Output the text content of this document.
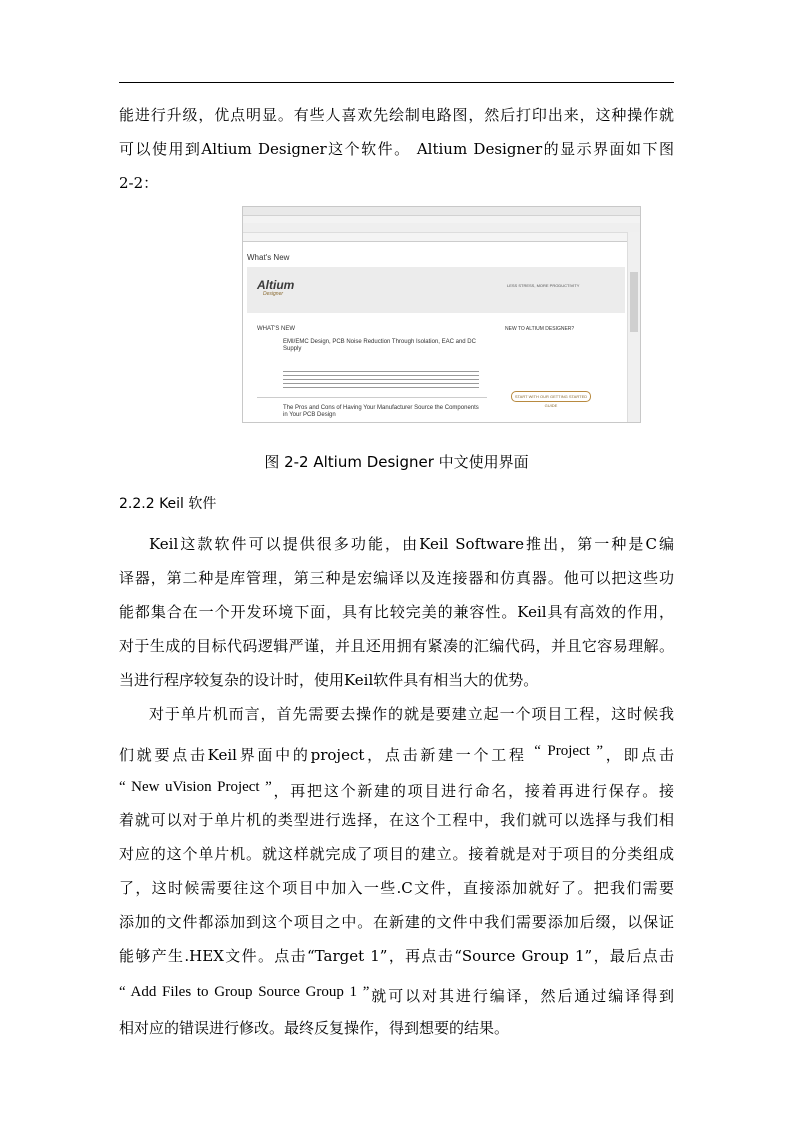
能进行升级，优点明显。有些人喜欢先绘制电路图，然后打印出来，这种操作就
可以使用到Altium Designer这个软件。 Altium Designer的显示界面如下图
2-2：
What's New
Altium
Designer
LESS STRESS, MORE PRODUCTIVITY
WHAT'S NEW
EMI/EMC Design, PCB Noise Reduction Through Isolation, EAC and DC Supply
The Pros and Cons of Having Your Manufacturer Source the Components in Your PCB Design
NEW TO ALTIUM DESIGNER?
START WITH OUR GETTING STARTED GUIDE
图 2-2 Altium Designer 中文使用界面
2.2.2 Keil 软件
Keil这款软件可以提供很多功能，由Keil Software推出，第一种是C编
译器，第二种是库管理，第三种是宏编译以及连接器和仿真器。他可以把这些功
能都集合在一个开发环境下面，具有比较完美的兼容性。Keil具有高效的作用，
对于生成的目标代码逻辑严谨，并且还用拥有紧凑的汇编代码，并且它容易理解。
当进行程序较复杂的设计时，使用Keil软件具有相当大的优势。
对于单片机而言，首先需要去操作的就是要建立起一个项目工程，这时候我
们就要点击Keil界面中的project，点击新建一个工程 “ Project ”，即点击
“ New uVision Project ”，再把这个新建的项目进行命名，接着再进行保存。接
着就可以对于单片机的类型进行选择，在这个工程中，我们就可以选择与我们相
对应的这个单片机。就这样就完成了项目的建立。接着就是对于项目的分类组成
了，这时候需要往这个项目中加入一些.C文件，直接添加就好了。把我们需要
添加的文件都添加到这个项目之中。在新建的文件中我们需要添加后缀，以保证
能够产生.HEX文件。点击“Target 1”，再点击“Source Group 1”，最后点击
“ Add Files to Group Source Group 1 ”就可以对其进行编译，然后通过编译得到
相对应的错误进行修改。最终反复操作，得到想要的结果。
